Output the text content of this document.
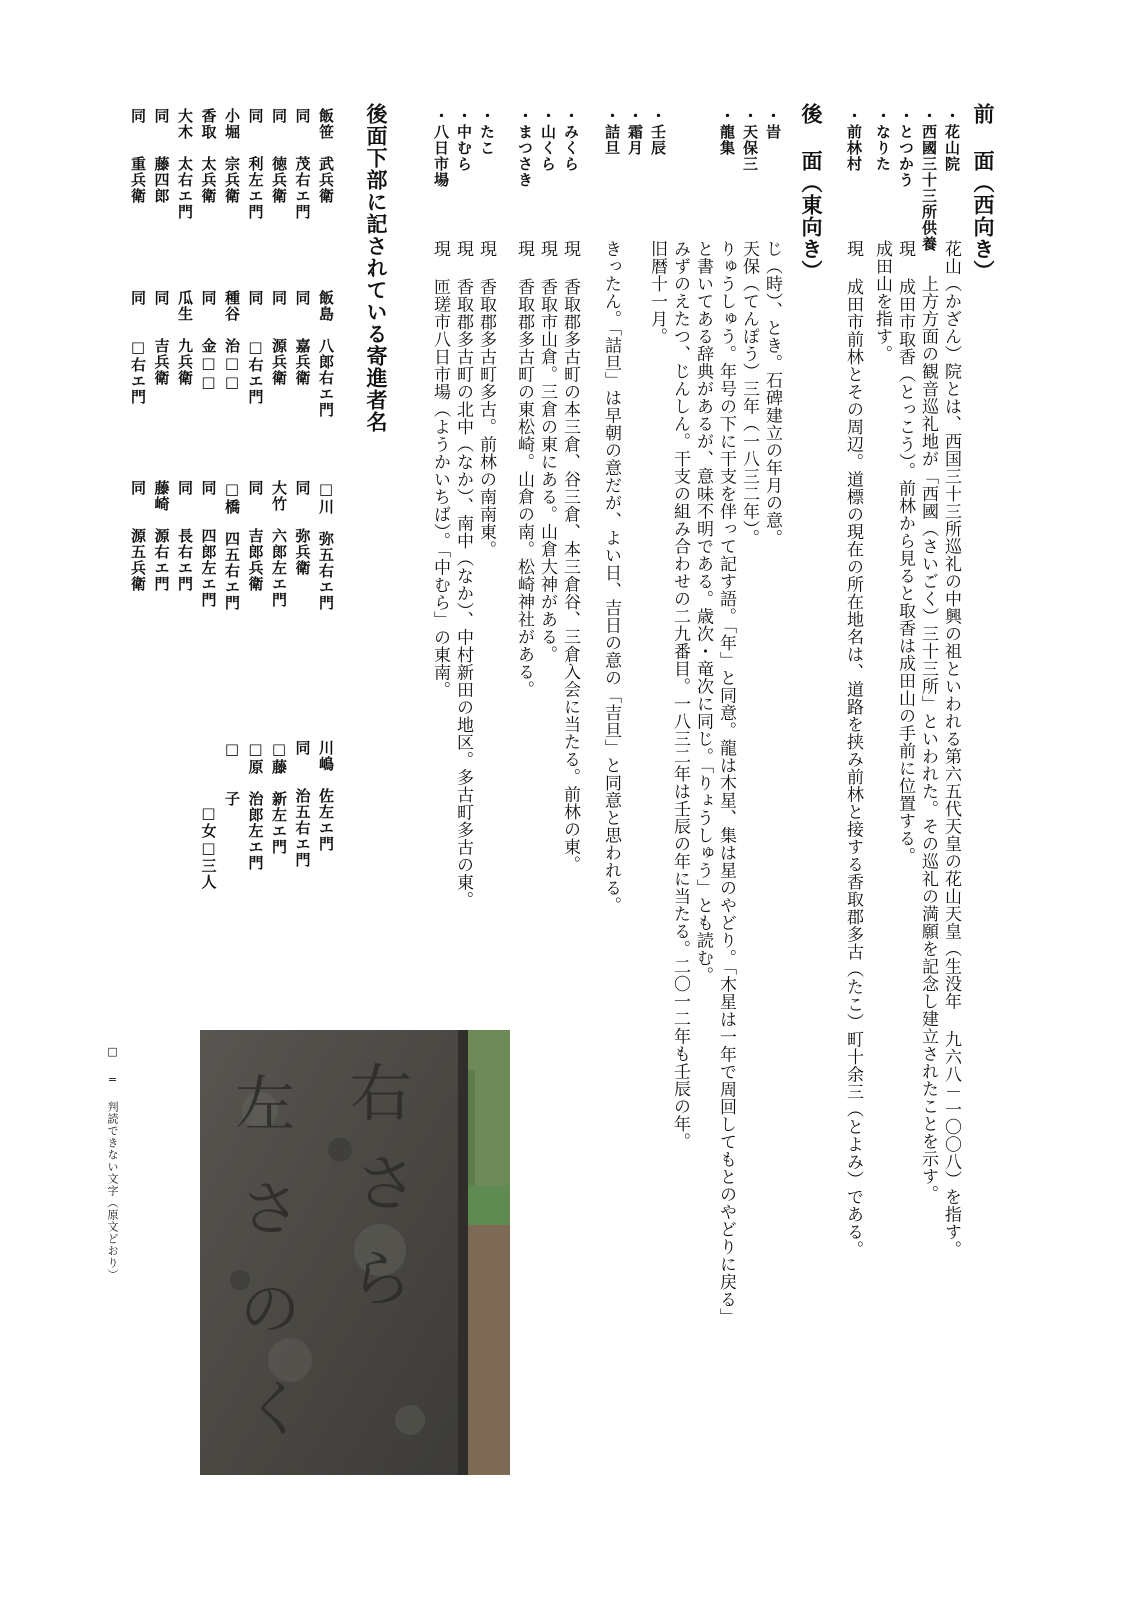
前 面（西向き）
・花山院
・西國三十三所供養
・とつかう
・なりた
・前林村
花山（かざん）院とは、西国三十三所巡礼の中興の祖といわれる第六五代天皇の花山天皇（生没年 九六八－一〇〇八）を指す。
　　上方方面の観音巡礼地が「西國（さいごく）三十三所」といわれた。その巡礼の満願を記念し建立されたことを示す。
現 成田市取香（とっこう）。前林から見ると取香は成田山の手前に位置する。
成田山を指す。
現 成田市前林とその周辺。道標の現在の所在地名は、道路を挟み前林と接する香取郡多古（たこ）町十余三（とよみ）である。
後 面（東向き）
・旹
・天保三
・龍集
・壬辰
・霜月
・詰旦
・みくら
・山くら
・まつさき
・たこ
・中むら
・八日市場
じ（時）、とき。石碑建立の年月の意。
天保（てんぽう）三年（一八三二年）。
りゅうしゅう。年号の下に干支を伴って記す語。「年」と同意。龍は木星、集は星のやどり。「木星は一年で周回してもとのやどりに戻る」
と書いてある辞典があるが、意味不明である。歳次・竜次に同じ。「りょうしゅう」とも読む。
みずのえたつ、じんしん。干支の組み合わせの二九番目。一八三二年は壬辰の年に当たる。二〇一二年も壬辰の年。
旧暦十一月。
きったん。「詰旦」は早朝の意だが、よい日、吉日の意の「吉旦」と同意と思われる。
現 香取郡多古町の本三倉、谷三倉、本三倉谷、三倉入会に当たる。前林の東。
現 香取市山倉。三倉の東にある。山倉大神がある。
現 香取郡多古町の東松崎。山倉の南。松崎神社がある。
現 香取郡多古町多古。前林の南南東。
現 香取郡多古町の北中（なか）、南中（なか）、中村新田の地区。多古町多古の東。
現 匝瑳市八日市場（ようかいちば）。「中むら」の東南。
後面下部に記されている寄進者名
□ = 判読できない文字（原文どおり）
飯笹　武兵衛
飯島　八郎右エ門
□川　弥五右エ門
川嶋　佐左エ門
同　　茂右エ門
同　　嘉兵衛
同　　弥兵衛
同　　治五右エ門
同　　徳兵衛
同　　源兵衛
大竹　六郎左エ門
□藤　新左エ門
同　　利左エ門
同　　□右エ門
同　　吉郎兵衛
□原　治郎左エ門
小堀　宗兵衛
種谷　治□□
□橋　四五右エ門
□　　子
香取　太兵衛
同　　金□□
同　　四郎左エ門
　　　　□女□三人
大木　太右エ門
瓜生　九兵衛
同　　長右エ門
同　　藤四郎
同　　吉兵衛
藤崎　源右エ門
同　　重兵衛
同　　□右エ門
同　　源五兵衛
右
さ
ら
左
さ
の
く
